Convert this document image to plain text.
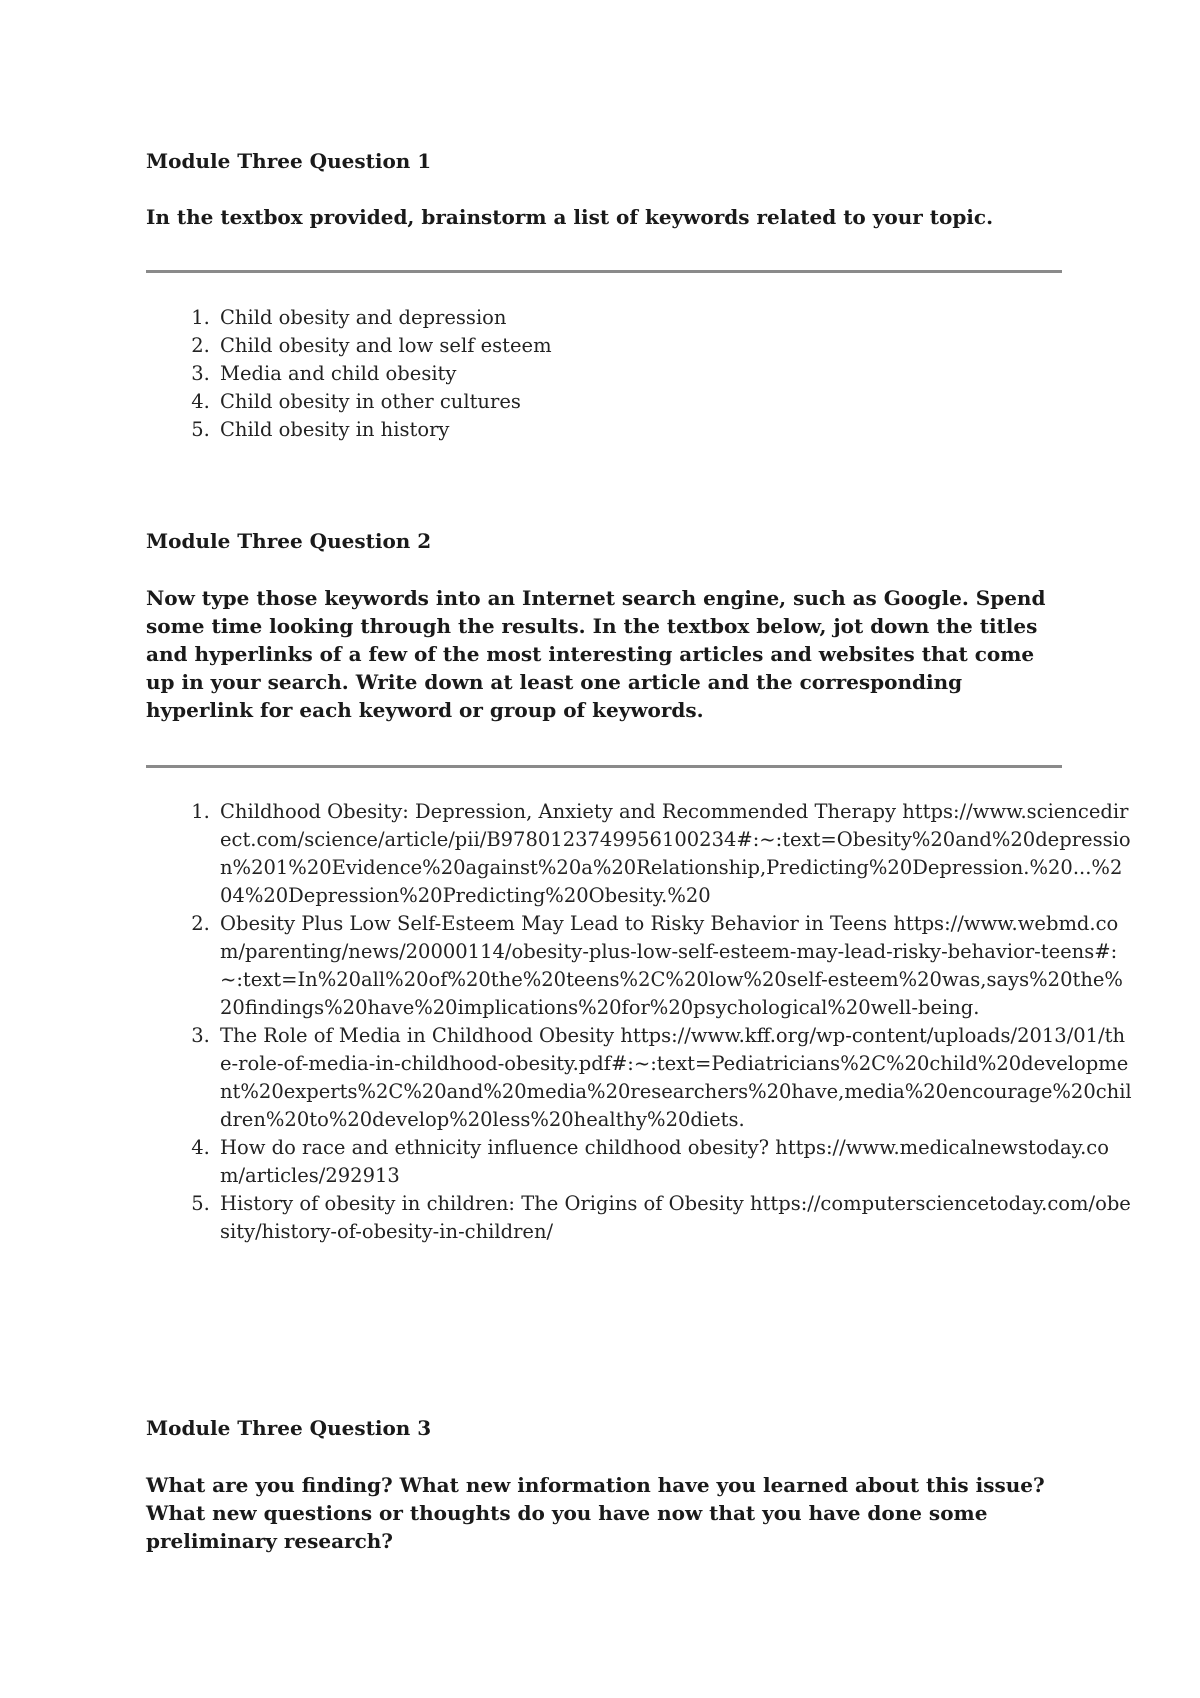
Module Three Question 1

In the textbox provided, brainstorm a list of keywords related to your topic.

1. Child obesity and depression
2. Child obesity and low self esteem
3. Media and child obesity
4. Child obesity in other cultures
5. Child obesity in history

Module Three Question 2

Now type those keywords into an Internet search engine, such as Google. Spend some time looking through the results. In the textbox below, jot down the titles and hyperlinks of a few of the most interesting articles and websites that come up in your search. Write down at least one article and the corresponding hyperlink for each keyword or group of keywords.

1. Childhood Obesity: Depression, Anxiety and Recommended Therapy https://www.sciencedirect.com/science/article/pii/B9780123749956100234#:~:text=Obesity%20and%20depression%201%20Evidence%20against%20a%20Relationship,Predicting%20Depression.%20...%204%20Depression%20Predicting%20Obesity.%20
2. Obesity Plus Low Self-Esteem May Lead to Risky Behavior in Teens https://www.webmd.com/parenting/news/20000114/obesity-plus-low-self-esteem-may-lead-risky-behavior-teens#:~:text=In%20all%20of%20the%20teens%2C%20low%20self-esteem%20was,says%20the%20findings%20have%20implications%20for%20psychological%20well-being.
3. The Role of Media in Childhood Obesity https://www.kff.org/wp-content/uploads/2013/01/the-role-of-media-in-childhood-obesity.pdf#:~:text=Pediatricians%2C%20child%20development%20experts%2C%20and%20media%20researchers%20have,media%20encourage%20children%20to%20develop%20less%20healthy%20diets.
4. How do race and ethnicity influence childhood obesity? https://www.medicalnewstoday.com/articles/292913
5. History of obesity in children: The Origins of Obesity https://computersciencetoday.com/obesity/history-of-obesity-in-children/

Module Three Question 3

What are you finding? What new information have you learned about this issue? What new questions or thoughts do you have now that you have done some preliminary research?
